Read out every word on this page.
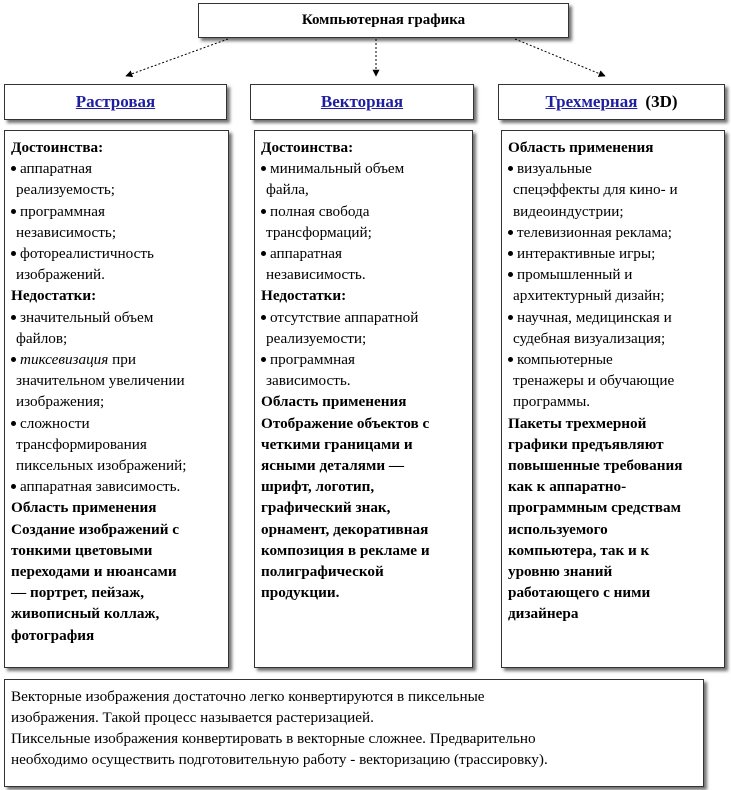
Компьютерная графика
Растровая	Векторная	Трехмерная (3D)
Достоинства:
аппаратная
реализуемость;
программная
независимость;
фотореалистичность
изображений.
Недостатки:
значительный объем
файлов;
тиксевизация при
значительном увеличении
изображения;
сложности
трансформирования
пиксельных изображений;
аппаратная зависимость.
Область применения
Создание изображений с
тонкими цветовыми
переходами и нюансами
— портрет, пейзаж,
живописный коллаж,
фотография
Достоинства:
минимальный объем
файла,
полная свобода
трансформаций;
аппаратная
независимость.
Недостатки:
отсутствие аппаратной
реализуемости;
программная
зависимость.
Область применения
Отображение объектов с
четкими границами и
ясными деталями —
шрифт, логотип,
графический знак,
орнамент, декоративная
композиция в рекламе и
полиграфической
продукции.
Область применения
визуальные
спецэффекты для кино- и
видеоиндустрии;
телевизионная реклама;
интерактивные игры;
промышленный и
архитектурный дизайн;
научная, медицинская и
судебная визуализация;
компьютерные
тренажеры и обучающие
программы.
Пакеты трехмерной
графики предъявляют
повышенные требования
как к аппаратно-
программным средствам
используемого
компьютера, так и к
уровню знаний
работающего с ними
дизайнера
Векторные изображения достаточно легко конвертируются в пиксельные
изображения. Такой процесс называется растеризацией.
Пиксельные изображения конвертировать в векторные сложнее. Предварительно
необходимо осуществить подготовительную работу - векторизацию (трассировку).
